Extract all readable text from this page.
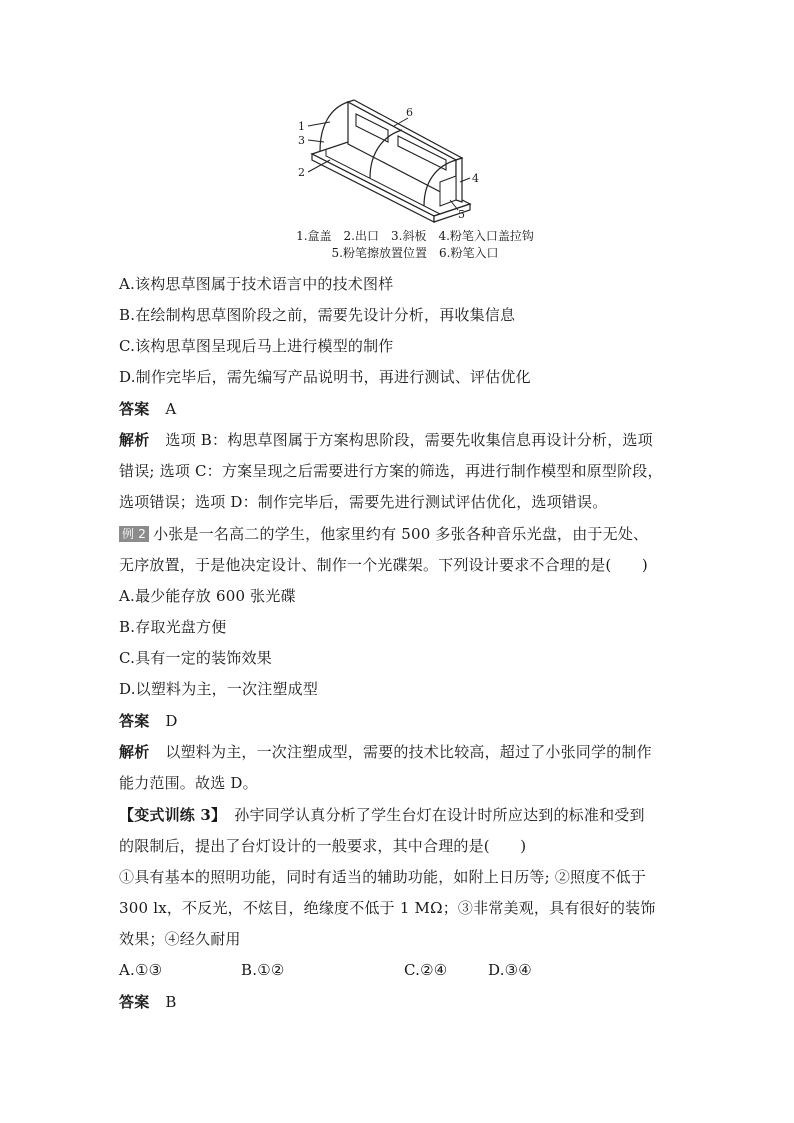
1
3
2
6
4
5
1.盒盖　2.出口　3.斜板　4.粉笔入口盖拉钩
5.粉笔擦放置位置　6.粉笔入口
A.该构思草图属于技术语言中的技术图样
B.在绘制构思草图阶段之前，需要先设计分析，再收集信息
C.该构思草图呈现后马上进行模型的制作
D.制作完毕后，需先编写产品说明书，再进行测试、评估优化
答案 A
解析 选项 B：构思草图属于方案构思阶段，需要先收集信息再设计分析，选项
错误; 选项 C：方案呈现之后需要进行方案的筛选，再进行制作模型和原型阶段，
选项错误；选项 D：制作完毕后，需要先进行测试评估优化，选项错误。
例 2 小张是一名高二的学生，他家里约有 500 多张各种音乐光盘，由于无处、
无序放置，于是他决定设计、制作一个光碟架。下列设计要求不合理的是(　　)
A.最少能存放 600 张光碟
B.存取光盘方便
C.具有一定的装饰效果
D.以塑料为主，一次注塑成型
答案 D
解析 以塑料为主，一次注塑成型，需要的技术比较高，超过了小张同学的制作
能力范围。故选 D。
【变式训练 3】 孙宇同学认真分析了学生台灯在设计时所应达到的标准和受到
的限制后，提出了台灯设计的一般要求，其中合理的是(　　)
①具有基本的照明功能，同时有适当的辅助功能，如附上日历等; ②照度不低于
300 lx，不反光，不炫目，绝缘度不低于 1 MΩ；③非常美观，具有很好的装饰
效果；④经久耐用
A.①③	B.①②	C.②④	D.③④
答案 B
